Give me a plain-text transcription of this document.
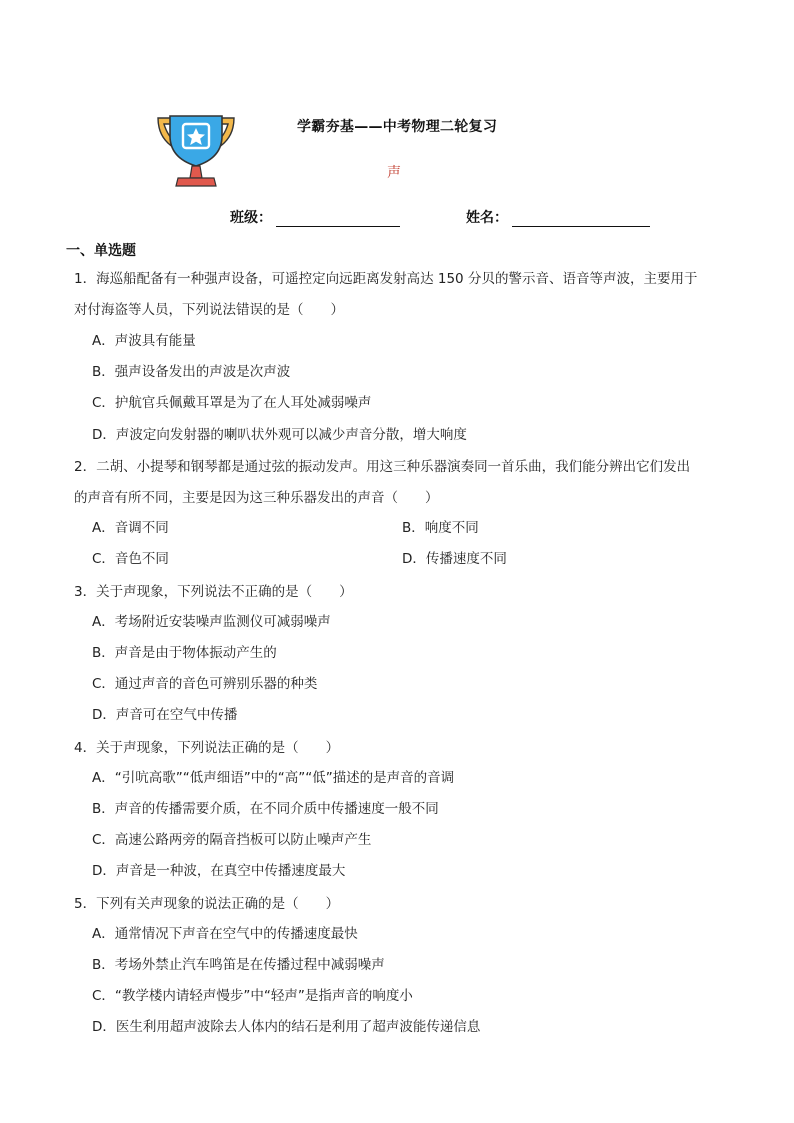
学霸夯基——中考物理二轮复习
声
班级：	姓名：
一、单选题
1．海巡船配备有一种强声设备，可遥控定向远距离发射高达 150 分贝的警示音、语音等声波，主要用于
对付海盗等人员，下列说法错误的是（　　）
A．声波具有能量
B．强声设备发出的声波是次声波
C．护航官兵佩戴耳罩是为了在人耳处减弱噪声
D．声波定向发射器的喇叭状外观可以减少声音分散，增大响度
2．二胡、小提琴和钢琴都是通过弦的振动发声。用这三种乐器演奏同一首乐曲，我们能分辨出它们发出
的声音有所不同，主要是因为这三种乐器发出的声音（　　）
A．音调不同	B．响度不同
C．音色不同	D．传播速度不同
3．关于声现象，下列说法不正确的是（　　）
A．考场附近安装噪声监测仪可减弱噪声
B．声音是由于物体振动产生的
C．通过声音的音色可辨别乐器的种类
D．声音可在空气中传播
4．关于声现象，下列说法正确的是（　　）
A．“引吭高歌”“低声细语”中的“高”“低”描述的是声音的音调
B．声音的传播需要介质，在不同介质中传播速度一般不同
C．高速公路两旁的隔音挡板可以防止噪声产生
D．声音是一种波，在真空中传播速度最大
5．下列有关声现象的说法正确的是（　　）
A．通常情况下声音在空气中的传播速度最快
B．考场外禁止汽车鸣笛是在传播过程中减弱噪声
C．“教学楼内请轻声慢步”中“轻声”是指声音的响度小
D．医生利用超声波除去人体内的结石是利用了超声波能传递信息
